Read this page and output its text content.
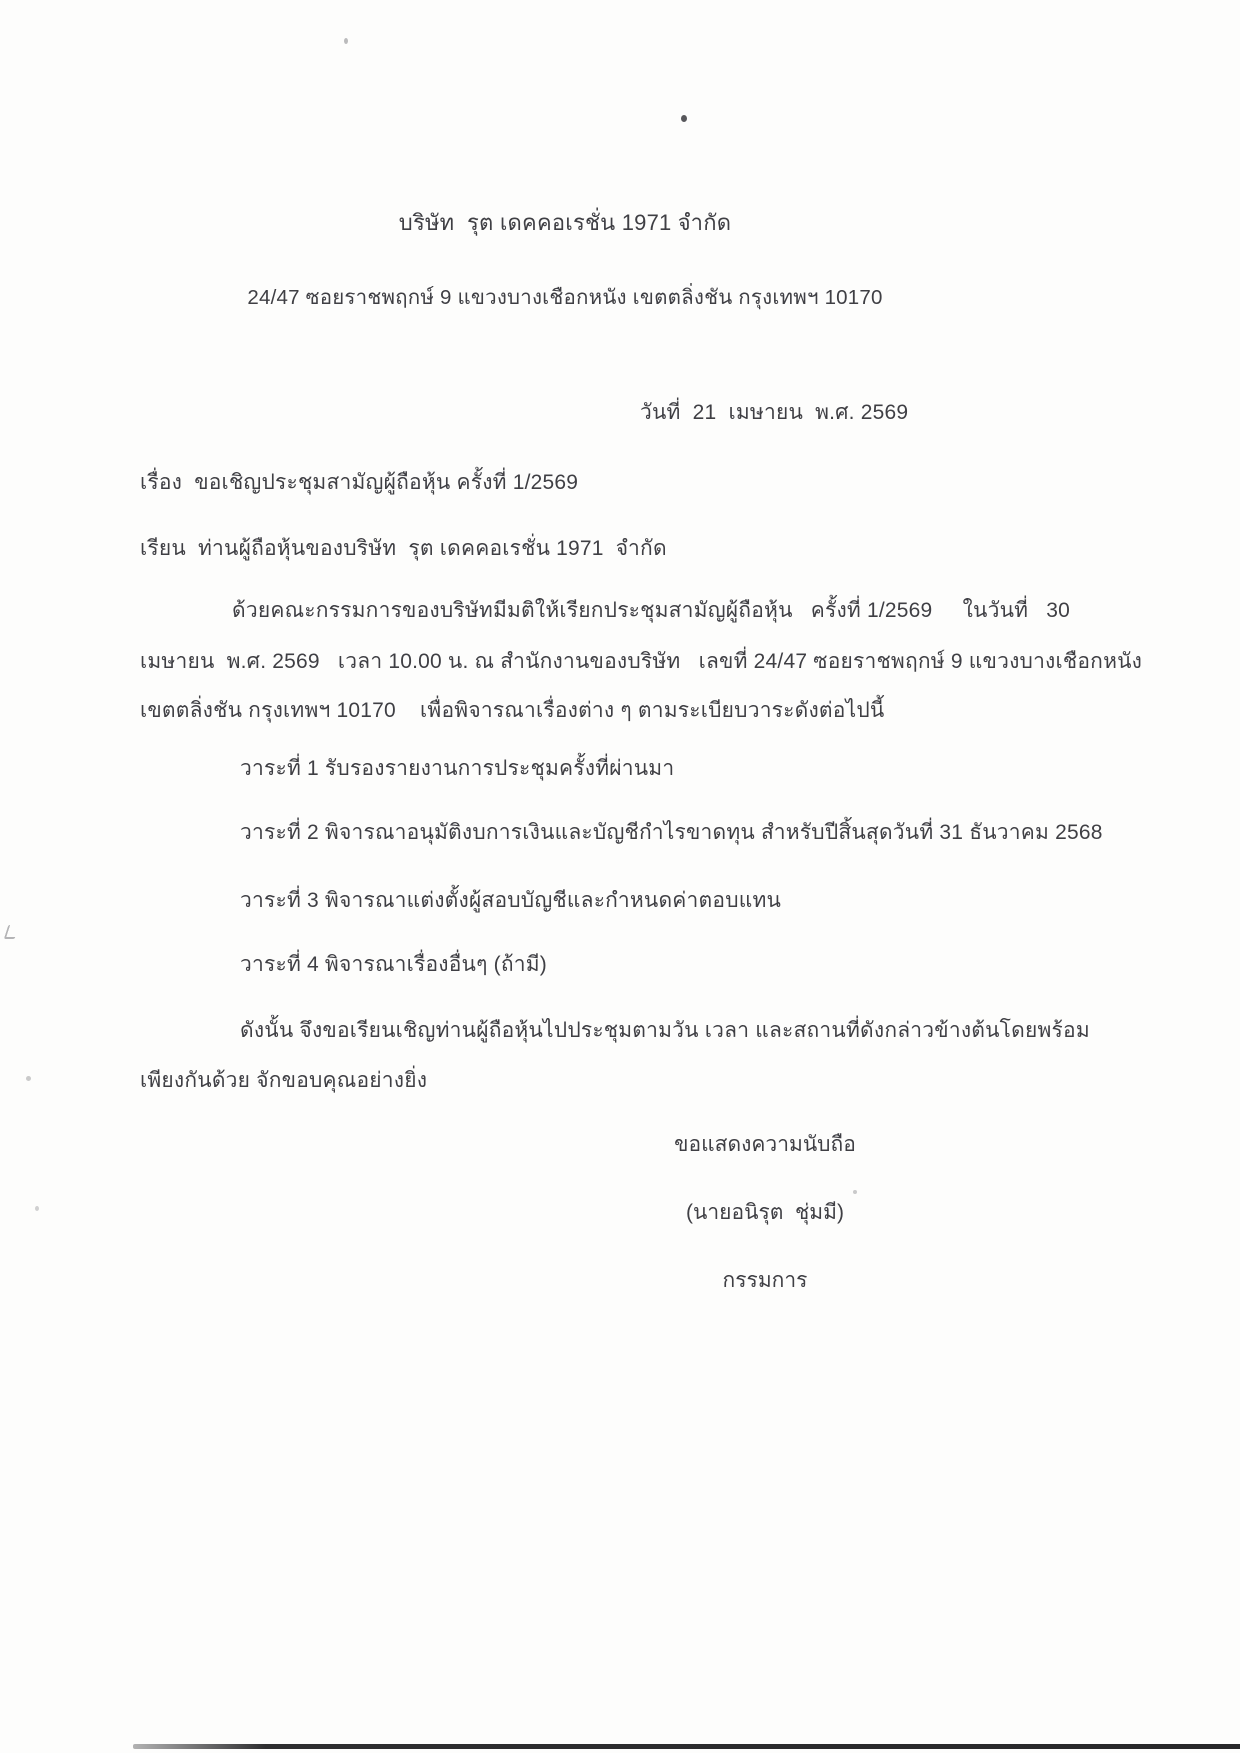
บริษัท  รุต เดคคอเรชั่น 1971 จำกัด
24/47 ซอยราชพฤกษ์ 9 แขวงบางเชือกหนัง เขตตลิ่งชัน กรุงเทพฯ 10170
วันที่  21  เมษายน  พ.ศ. 2569
เรื่อง  ขอเชิญประชุมสามัญผู้ถือหุ้น ครั้งที่ 1/2569
เรียน  ท่านผู้ถือหุ้นของบริษัท  รุต เดคคอเรชั่น 1971  จำกัด
ด้วยคณะกรรมการของบริษัทมีมติให้เรียกประชุมสามัญผู้ถือหุ้น   ครั้งที่ 1/2569     ในวันที่   30
เมษายน  พ.ศ. 2569   เวลา 10.00 น. ณ สำนักงานของบริษัท   เลขที่ 24/47 ซอยราชพฤกษ์ 9 แขวงบางเชือกหนัง
เขตตลิ่งชัน กรุงเทพฯ 10170    เพื่อพิจารณาเรื่องต่าง ๆ ตามระเบียบวาระดังต่อไปนี้
วาระที่ 1 รับรองรายงานการประชุมครั้งที่ผ่านมา
วาระที่ 2 พิจารณาอนุมัติงบการเงินและบัญชีกำไรขาดทุน สำหรับปีสิ้นสุดวันที่ 31 ธันวาคม 2568
วาระที่ 3 พิจารณาแต่งตั้งผู้สอบบัญชีและกำหนดค่าตอบแทน
วาระที่ 4 พิจารณาเรื่องอื่นๆ (ถ้ามี)
ดังนั้น จึงขอเรียนเชิญท่านผู้ถือหุ้นไปประชุมตามวัน เวลา และสถานที่ดังกล่าวข้างต้นโดยพร้อม
เพียงกันด้วย จักขอบคุณอย่างยิ่ง
ขอแสดงความนับถือ
(นายอนิรุต  ชุ่มมี)
กรรมการ
